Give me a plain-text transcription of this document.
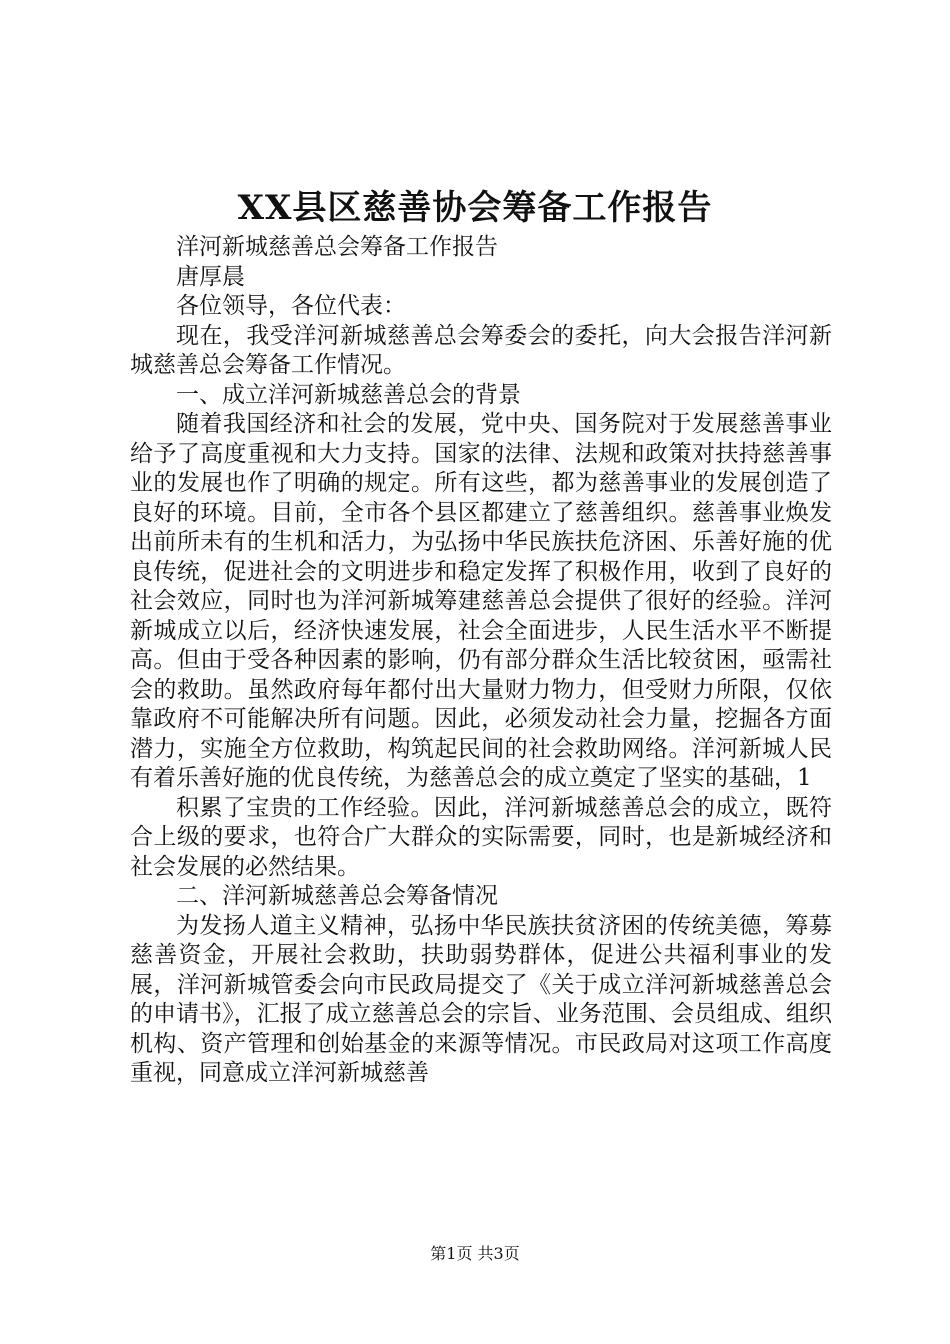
XX县区慈善协会筹备工作报告

洋河新城慈善总会筹备工作报告

唐厚晨

各位领导，各位代表：

现在，我受洋河新城慈善总会筹委会的委托，向大会报告洋河新城慈善总会筹备工作情况。

一、成立洋河新城慈善总会的背景

随着我国经济和社会的发展，党中央、国务院对于发展慈善事业给予了高度重视和大力支持。国家的法律、法规和政策对扶持慈善事业的发展也作了明确的规定。所有这些，都为慈善事业的发展创造了良好的环境。目前，全市各个县区都建立了慈善组织。慈善事业焕发出前所未有的生机和活力，为弘扬中华民族扶危济困、乐善好施的优良传统，促进社会的文明进步和稳定发挥了积极作用，收到了良好的社会效应，同时也为洋河新城筹建慈善总会提供了很好的经验。洋河新城成立以后，经济快速发展，社会全面进步，人民生活水平不断提高。但由于受各种因素的影响，仍有部分群众生活比较贫困，亟需社会的救助。虽然政府每年都付出大量财力物力，但受财力所限，仅依靠政府不可能解决所有问题。因此，必须发动社会力量，挖掘各方面潜力，实施全方位救助，构筑起民间的社会救助网络。洋河新城人民有着乐善好施的优良传统，为慈善总会的成立奠定了坚实的基础，1

积累了宝贵的工作经验。因此，洋河新城慈善总会的成立，既符合上级的要求，也符合广大群众的实际需要，同时，也是新城经济和社会发展的必然结果。

二、洋河新城慈善总会筹备情况

为发扬人道主义精神，弘扬中华民族扶贫济困的传统美德，筹募慈善资金，开展社会救助，扶助弱势群体，促进公共福利事业的发展，洋河新城管委会向市民政局提交了《关于成立洋河新城慈善总会的申请书》，汇报了成立慈善总会的宗旨、业务范围、会员组成、组织机构、资产管理和创始基金的来源等情况。市民政局对这项工作高度重视，同意成立洋河新城慈善

第1页 共3页
